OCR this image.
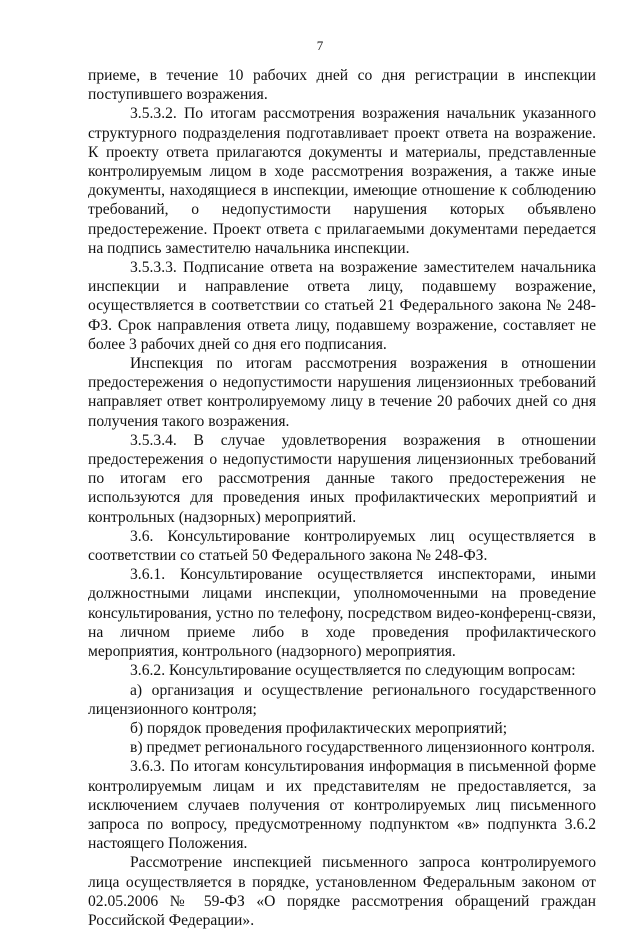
7

приеме, в течение 10 рабочих дней со дня регистрации в инспекции поступившего возражения.

3.5.3.2. По итогам рассмотрения возражения начальник указанного структурного подразделения подготавливает проект ответа на возражение. К проекту ответа прилагаются документы и материалы, представленные контролируемым лицом в ходе рассмотрения возражения, а также иные документы, находящиеся в инспекции, имеющие отношение к соблюдению требований, о недопустимости нарушения которых объявлено предостережение. Проект ответа с прилагаемыми документами передается на подпись заместителю начальника инспекции.

3.5.3.3. Подписание ответа на возражение заместителем начальника инспекции и направление ответа лицу, подавшему возражение, осуществляется в соответствии со статьей 21 Федерального закона № 248-ФЗ. Срок направления ответа лицу, подавшему возражение, составляет не более 3 рабочих дней со дня его подписания.

Инспекция по итогам рассмотрения возражения в отношении предостережения о недопустимости нарушения лицензионных требований направляет ответ контролируемому лицу в течение 20 рабочих дней со дня получения такого возражения.

3.5.3.4. В случае удовлетворения возражения в отношении предостережения о недопустимости нарушения лицензионных требований по итогам его рассмотрения данные такого предостережения не используются для проведения иных профилактических мероприятий и контрольных (надзорных) мероприятий.

3.6. Консультирование контролируемых лиц осуществляется в соответствии со статьей 50 Федерального закона № 248-ФЗ.

3.6.1. Консультирование осуществляется инспекторами, иными должностными лицами инспекции, уполномоченными на проведение консультирования, устно по телефону, посредством видео-конференц-связи, на личном приеме либо в ходе проведения профилактического мероприятия, контрольного (надзорного) мероприятия.

3.6.2. Консультирование осуществляется по следующим вопросам:

а) организация и осуществление регионального государственного лицензионного контроля;

б) порядок проведения профилактических мероприятий;

в) предмет регионального государственного лицензионного контроля.

3.6.3. По итогам консультирования информация в письменной форме контролируемым лицам и их представителям не предоставляется, за исключением случаев получения от контролируемых лиц письменного запроса по вопросу, предусмотренному подпунктом «в» подпункта 3.6.2 настоящего Положения.

Рассмотрение инспекцией письменного запроса контролируемого лица осуществляется в порядке, установленном Федеральным законом от 02.05.2006 № 59-ФЗ «О порядке рассмотрения обращений граждан Российской Федерации».
